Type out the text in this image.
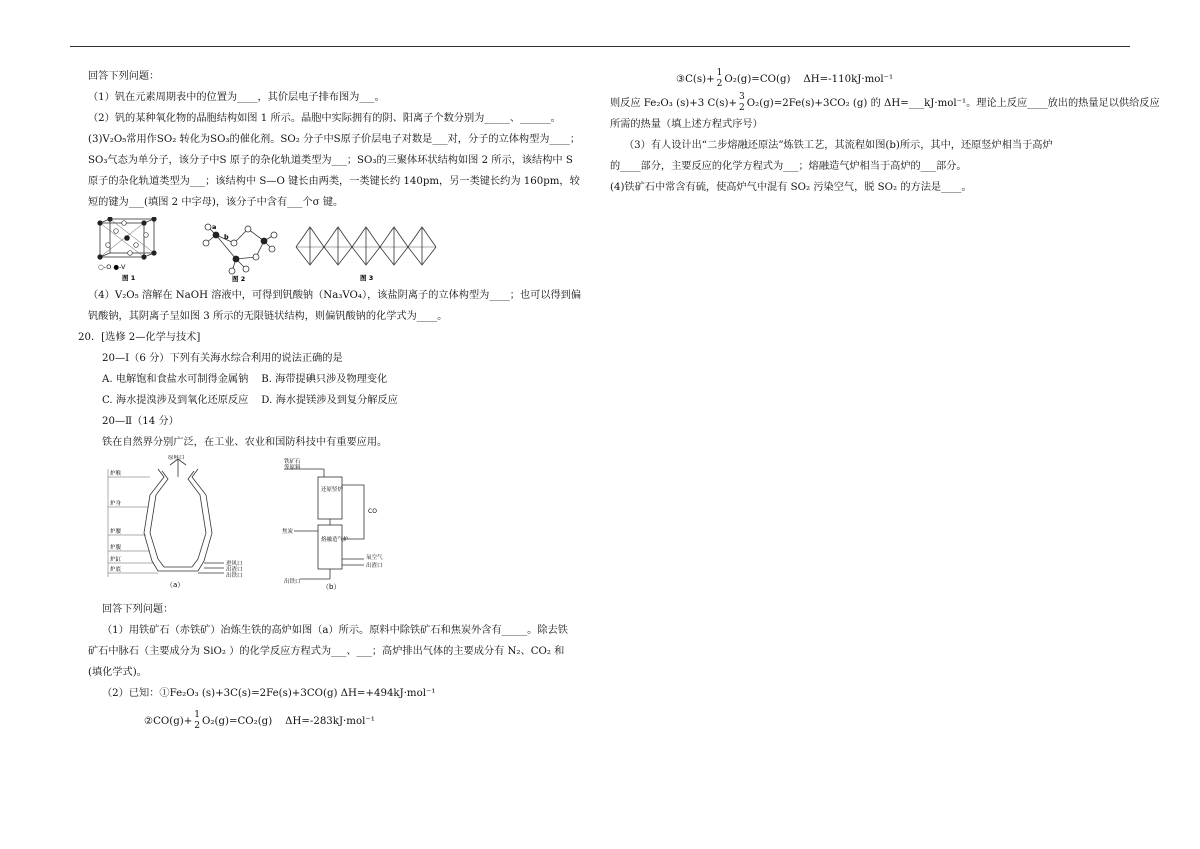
回答下列问题：
（1）钒在元素周期表中的位置为____，其价层电子排布图为___。
（2）钒的某种氧化物的晶胞结构如图 1 所示。晶胞中实际拥有的阴、阳离子个数分别为_____、______。
(3)V₂O₅常用作SO₂ 转化为SO₃的催化剂。SO₂ 分子中S原子价层电子对数是___对，分子的立体构型为____；
SO₃气态为单分子，该分子中S 原子的杂化轨道类型为___；SO₃的三聚体环状结构如图 2 所示，该结构中 S
原子的杂化轨道类型为___；该结构中 S—O 键长由两类，一类键长约 140pm，另一类键长约为 160pm，较
短的键为___(填图 2 中字母)，该分子中含有___个σ 键。
○-O ●-V
图 1
a
b
图 2	图 3
（4）V₂O₅ 溶解在 NaOH 溶液中，可得到钒酸钠（Na₃VO₄），该盐阴离子的立体构型为____；也可以得到偏
钒酸钠，其阴离子呈如图 3 所示的无限链状结构，则偏钒酸钠的化学式为____。
20．[选修 2—化学与技术]
20—Ⅰ（6 分）下列有关海水综合利用的说法正确的是
A. 电解饱和食盐水可制得金属钠    B. 海带提碘只涉及物理变化
C. 海水提溴涉及到氧化还原反应    D. 海水提镁涉及到复分解反应
20—Ⅱ（14 分）
铁在自然界分别广泛，在工业、农业和国防科技中有重要应用。
原料口
炉喉
炉身
炉腰
炉腹
炉缸
炉底
进风口
出渣口
出铁口
（a）
铁矿石
等原料
还原竖炉
熔融造气炉
CO
焦炭
氧空气
出渣口
出铁口
（b）
回答下列问题：
（1）用铁矿石（赤铁矿）冶炼生铁的高炉如图（a）所示。原料中除铁矿石和焦炭外含有_____。除去铁
矿石中脉石（主要成分为 SiO₂ ）的化学反应方程式为___、___；高炉排出气体的主要成分有 N₂、CO₂ 和
(填化学式)。
（2）已知：①Fe₂O₃ (s)+3C(s)=2Fe(s)+3CO(g) ΔH=+494kJ·mol⁻¹
②CO(g)+
1
2 O₂(g)=CO₂(g)    ΔH=-283kJ·mol⁻¹
③C(s)+
1
2 O₂(g)=CO(g)    ΔH=-110kJ·mol⁻¹
则反应 Fe₂O₃ (s)+3 C(s)+
3
2 O₂(g)=2Fe(s)+3CO₂ (g) 的 ΔH=___kJ·mol⁻¹。理论上反应____放出的热量足以供给反应
所需的热量（填上述方程式序号）
（3）有人设计出“二步熔融还原法”炼铁工艺，其流程如图(b)所示，其中，还原竖炉相当于高炉
的____部分，主要反应的化学方程式为___；熔融造气炉相当于高炉的___部分。
(4)铁矿石中常含有硫，使高炉气中混有 SO₂ 污染空气，脱 SO₂ 的方法是____。
